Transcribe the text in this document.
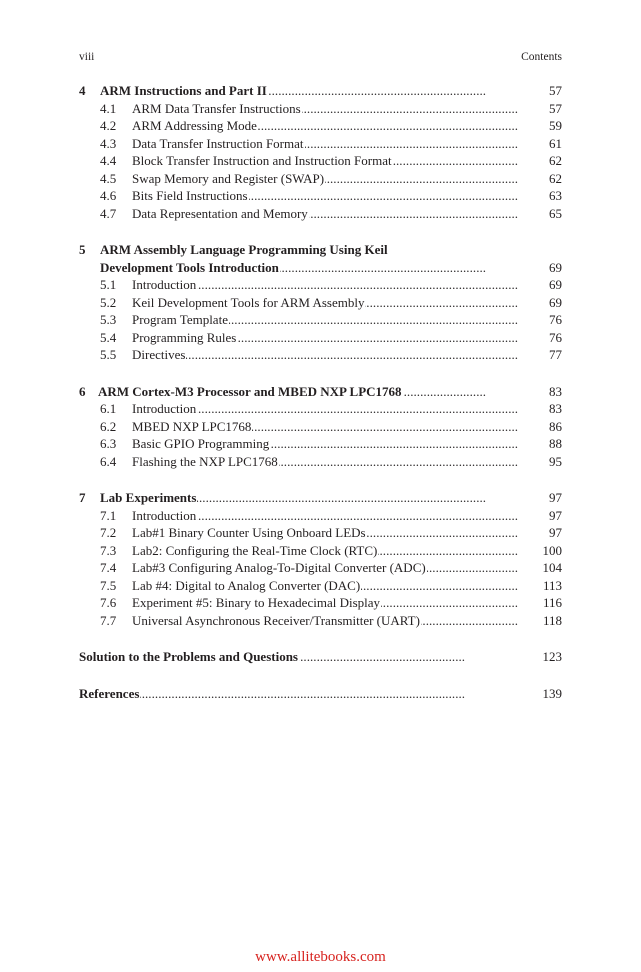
viii	Contents
4 . . . ARM Instructions and Part II	57
4.1 . . . ARM Data Transfer Instructions	57
4.2 . . . ARM Addressing Mode	59
4.3 . . . Data Transfer Instruction Format	61
4.4 . . . Block Transfer Instruction and Instruction Format	62
4.5 . . . Swap Memory and Register (SWAP)	62
4.6 . . . Bits Field Instructions	63
4.7 . . . Data Representation and Memory	65
5 ARM Assembly Language Programming Using Keil
. . .
Development Tools Introduction	69
5.1 . . . Introduction	69
5.2 . . . Keil Development Tools for ARM Assembly	69
5.3 . . . Program Template	76
5.4 . . . Programming Rules	76
5.5 . . . Directives	77
6 . . . ARM Cortex-M3 Processor and MBED NXP LPC1768	83
6.1 . . . Introduction	83
6.2 . . . MBED NXP LPC1768	86
6.3 . . . Basic GPIO Programming	88
6.4 . . . Flashing the NXP LPC1768	95
7 . . . Lab Experiments	97
7.1 . . . Introduction	97
7.2 . . . Lab#1 Binary Counter Using Onboard LEDs	97
7.3 . . . Lab2: Configuring the Real-Time Clock (RTC)	100
7.4 . . . Lab#3 Configuring Analog-To-Digital Converter (ADC)	104
7.5 . . . Lab #4: Digital to Analog Converter (DAC)	113
7.6 . . . Experiment #5: Binary to Hexadecimal Display	116
7.7 . . . Universal Asynchronous Receiver/Transmitter (UART)	118
. . .
Solution to the Problems and Questions	123
. . .
References	139
www.allitebooks.com
